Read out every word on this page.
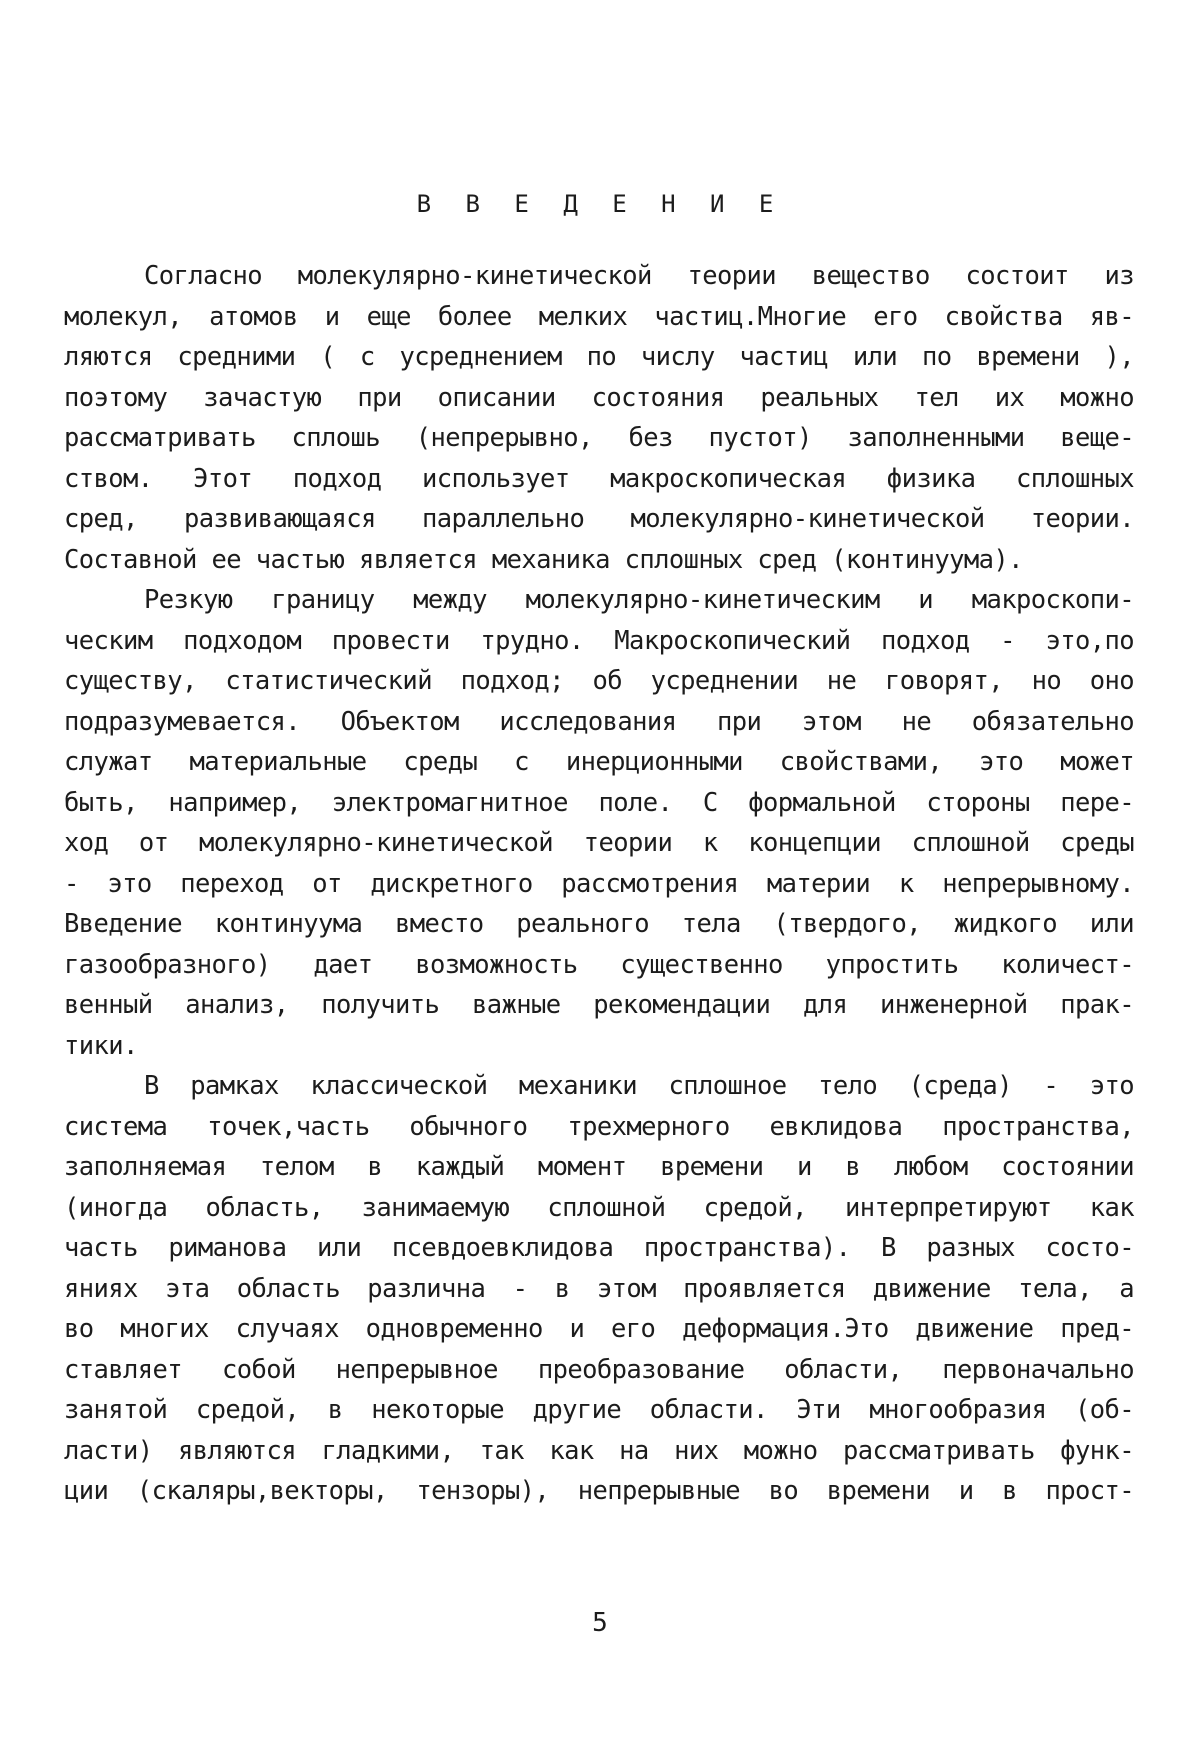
В В Е Д Е Н И Е
Согласно молекулярно-кинетической теории вещество состоит из
молекул, атомов и еще более мелких частиц.Многие его свойства яв-
ляются средними ( с усреднением по числу частиц или по времени ),
поэтому зачастую при описании состояния реальных тел их можно
рассматривать сплошь (непрерывно, без пустот) заполненными веще-
ством. Этот подход использует макроскопическая физика сплошных
сред, развивающаяся параллельно молекулярно-кинетической теории.
Составной ее частью является механика сплошных сред (континуума).
Резкую границу между молекулярно-кинетическим и макроскопи-
ческим подходом провести трудно. Макроскопический подход - это,по
существу, статистический подход; об усреднении не говорят, но оно
подразумевается. Объектом исследования при этом не обязательно
служат материальные среды с инерционными свойствами, это может
быть, например, электромагнитное поле. С формальной стороны пере-
ход от молекулярно-кинетической теории к концепции сплошной среды
- это переход от дискретного рассмотрения материи к непрерывному.
Введение континуума вместо реального тела (твердого, жидкого или
газообразного) дает возможность существенно упростить количест-
венный анализ, получить важные рекомендации для инженерной прак-
тики.
В рамках классической механики сплошное тело (среда) - это
система точек,часть обычного трехмерного евклидова пространства,
заполняемая телом в каждый момент времени и в любом состоянии
(иногда область, занимаемую сплошной средой, интерпретируют как
часть риманова или псевдоевклидова пространства). В разных состо-
яниях эта область различна - в этом проявляется движение тела, а
во многих случаях одновременно и его деформация.Это движение пред-
ставляет собой непрерывное преобразование области, первоначально
занятой средой, в некоторые другие области. Эти многообразия (об-
ласти) являются гладкими, так как на них можно рассматривать функ-
ции (скаляры,векторы, тензоры), непрерывные во времени и в прост-
5
